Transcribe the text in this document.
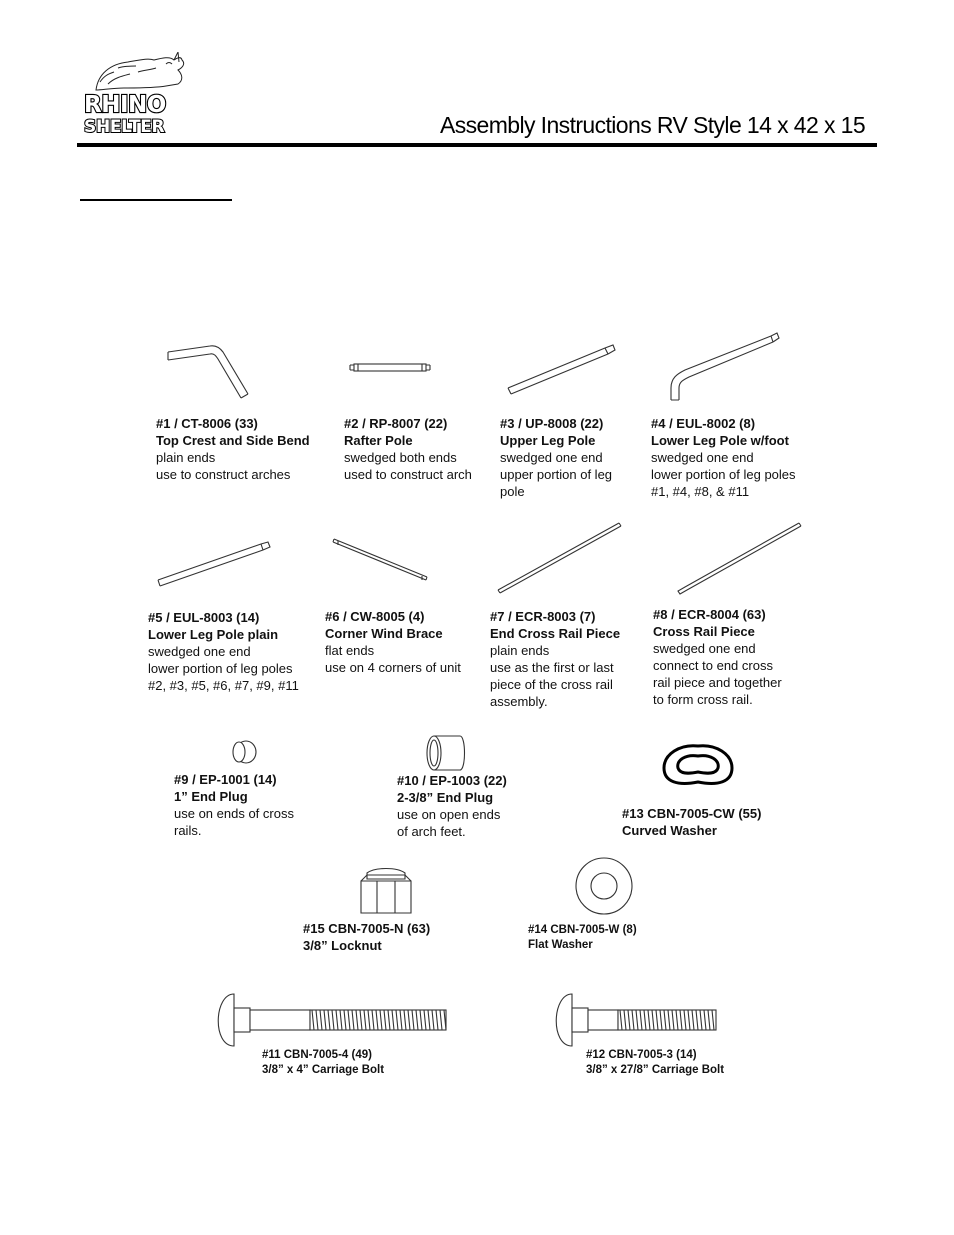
RHINO
SHELTER	Assembly Instructions RV Style 14 x 42 x 15
#1 / CT-8006 (33)
Top Crest and Side Bend
plain ends
use to construct arches
#2 / RP-8007 (22)
Rafter Pole
swedged both ends
used to construct arch
#3 / UP-8008 (22)
Upper Leg Pole
swedged one end
upper portion of leg
pole
#4 / EUL-8002 (8)
Lower Leg Pole w/foot
swedged one end
lower portion of leg poles
#1, #4, #8, & #11
#5 / EUL-8003 (14)
Lower Leg Pole plain
swedged one end
lower portion of leg poles
#2, #3, #5, #6, #7, #9, #11
#6 / CW-8005 (4)
Corner Wind Brace
flat ends
use on 4 corners of unit
#7 / ECR-8003 (7)
End Cross Rail Piece
plain ends
use as the first or last
piece of the cross rail
assembly.
#8 / ECR-8004 (63)
Cross Rail Piece
swedged one end
connect to end cross
rail piece and together
to form cross rail.
#9 / EP-1001 (14)
1” End Plug
use on ends of cross
rails.
#10 / EP-1003 (22)
2-3/8” End Plug
use on open ends
of arch feet.
#13 CBN-7005-CW (55)
Curved Washer
#15 CBN-7005-N (63)
3/8” Locknut
#14 CBN-7005-W (8)
Flat Washer
#11 CBN-7005-4 (49)
3/8” x 4” Carriage Bolt
#12 CBN-7005-3 (14)
3/8” x 27/8” Carriage Bolt
